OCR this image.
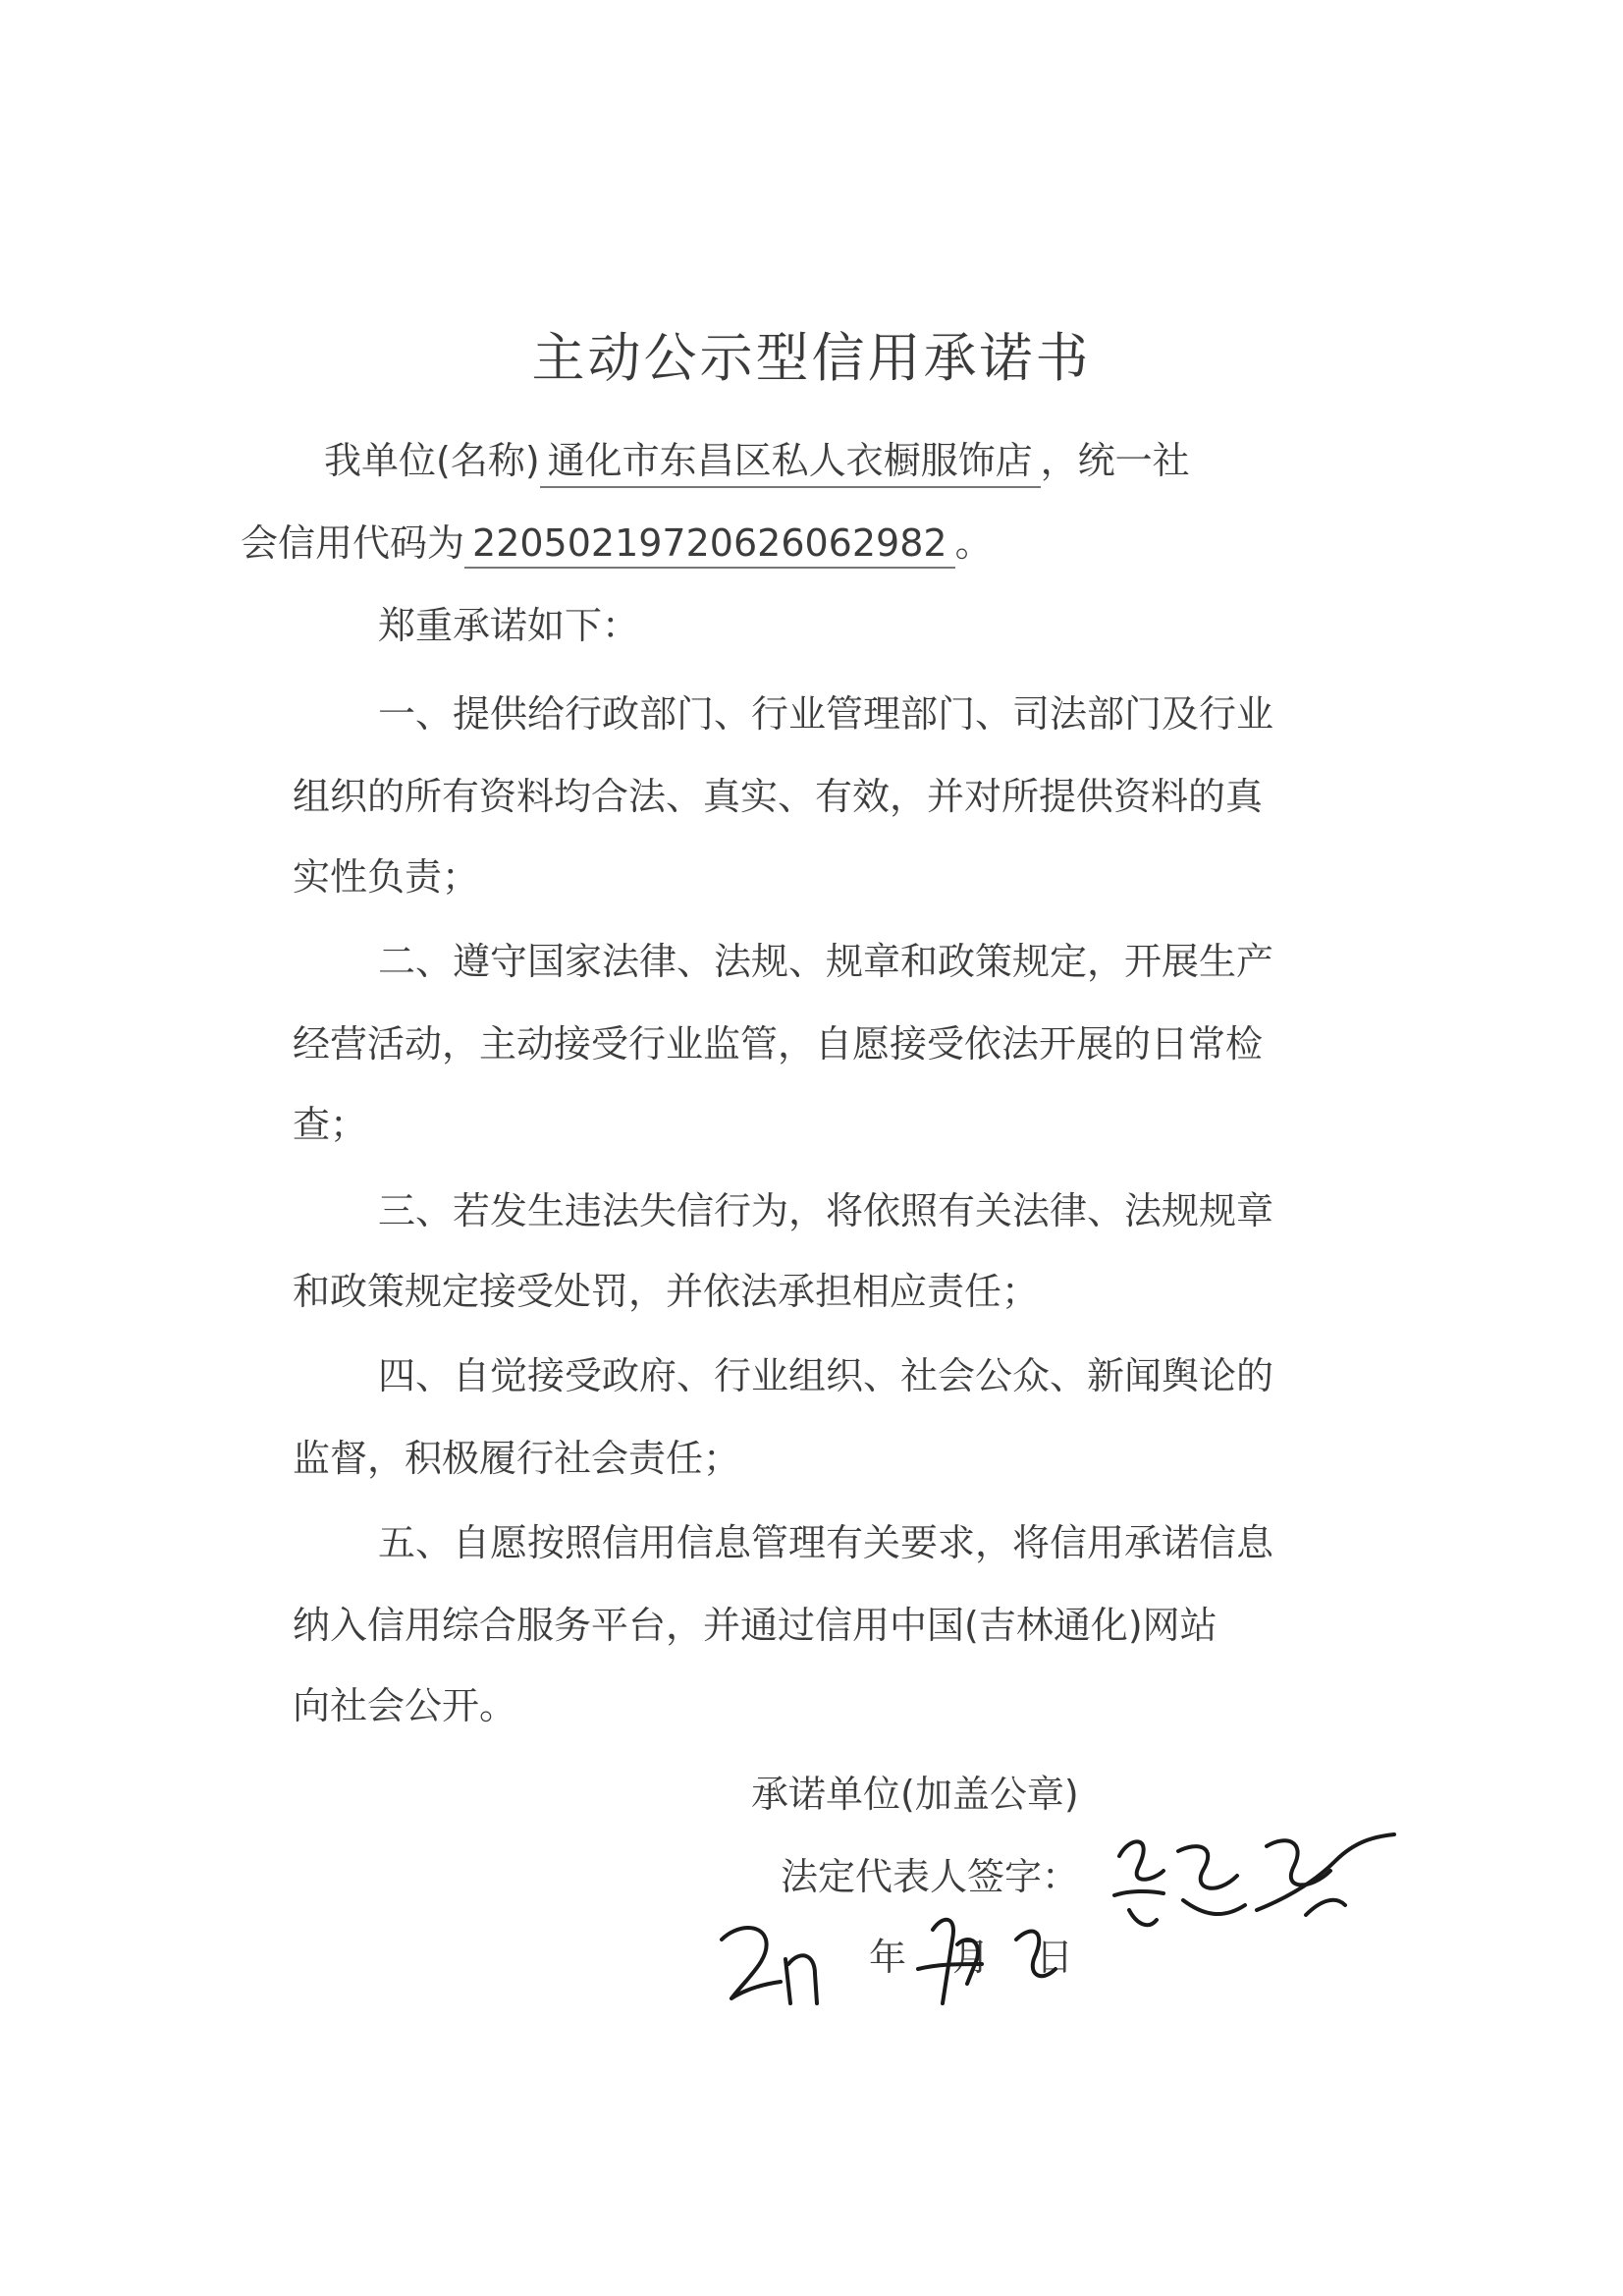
主动公示型信用承诺书
我单位(名称) 通化市东昌区私人衣橱服饰店 ，统一社
会信用代码为 22050219720626062982 。
郑重承诺如下：
一、提供给行政部门、行业管理部门、司法部门及行业
组织的所有资料均合法、真实、有效，并对所提供资料的真
实性负责；
二、遵守国家法律、法规、规章和政策规定，开展生产
经营活动，主动接受行业监管，自愿接受依法开展的日常检
查；
三、若发生违法失信行为，将依照有关法律、法规规章
和政策规定接受处罚，并依法承担相应责任；
四、自觉接受政府、行业组织、社会公众、新闻舆论的
监督，积极履行社会责任；
五、自愿按照信用信息管理有关要求，将信用承诺信息
纳入信用综合服务平台，并通过信用中国(吉林通化)网站
向社会公开。
承诺单位(加盖公章)
法定代表人签字：
年 月 日
